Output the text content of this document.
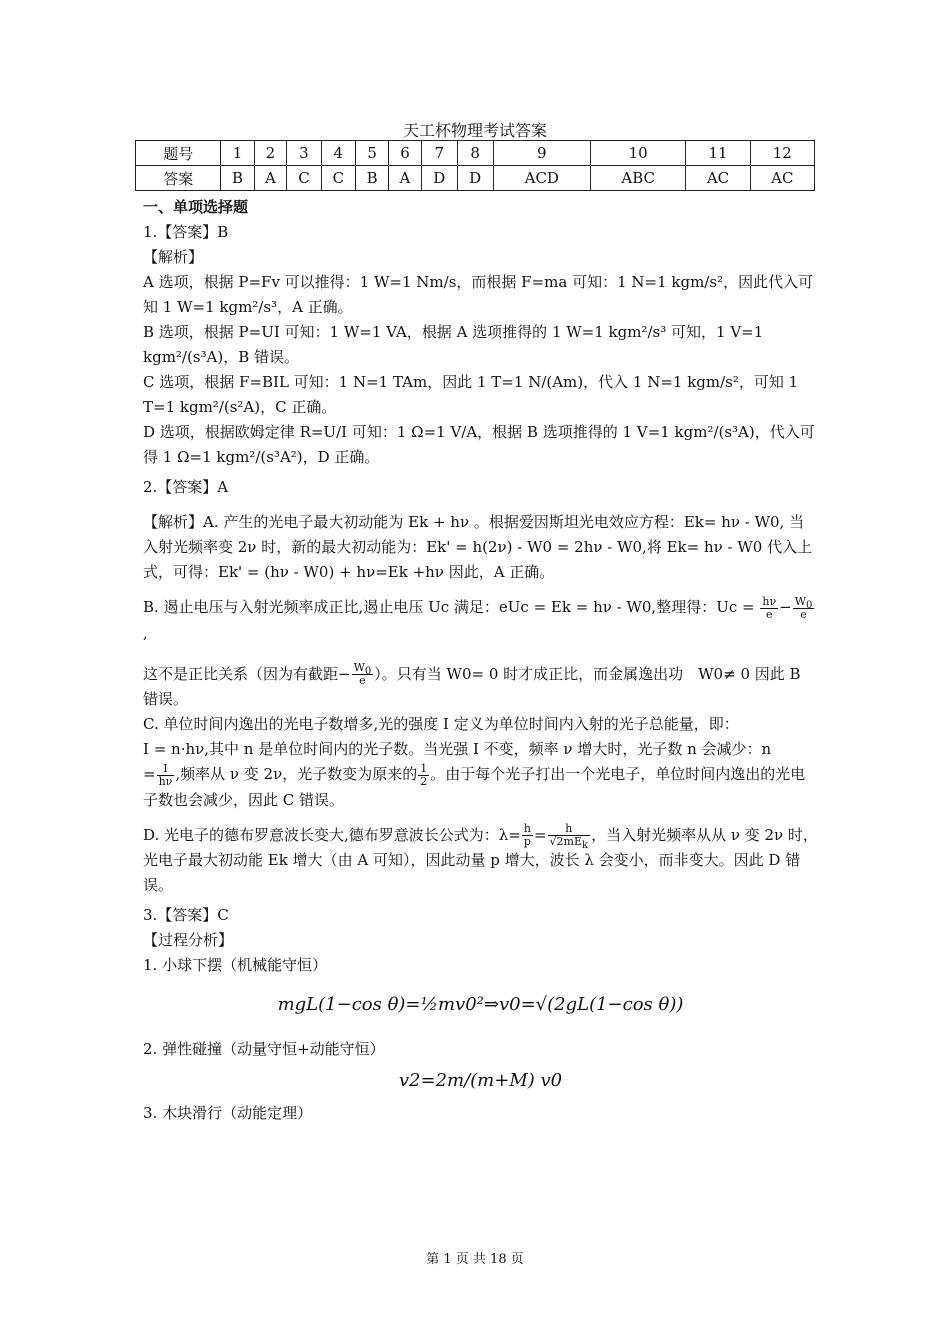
天工杯物理考试答案
题号	1	2	3	4	5	6	7	8	9	10	11	12
答案	B	A	C	C	B	A	D	D	ACD	ABC	AC	AC

一、单项选择题

1.【答案】B

【解析】

A 选项，根据 P=Fv 可以推得：1 W=1 Nm/s，而根据 F=ma 可知：1 N=1 kgm/s²，因此代入可知 1 W=1 kgm²/s³，A 正确。

B 选项，根据 P=UI 可知：1 W=1 VA，根据 A 选项推得的 1 W=1 kgm²/s³ 可知，1 V=1 kgm²/(s³A)，B 错误。

C 选项，根据 F=BIL 可知：1 N=1 TAm，因此 1 T=1 N/(Am)，代入 1 N=1 kgm/s²，可知 1 T=1 kgm²/(s²A)，C 正确。

D 选项，根据欧姆定律 R=U/I 可知：1 Ω=1 V/A，根据 B 选项推得的 1 V=1 kgm²/(s³A)，代入可得 1 Ω=1 kgm²/(s³A²)，D 正确。

2.【答案】A

【解析】A. 产生的光电子最大初动能为 Ek + hν 。根据爱因斯坦光电效应方程：Ek= hν - W0, 当入射光频率变 2ν 时，新的最大初动能为：Ek' = h(2ν) - W0 = 2hν - W0,将 Ek= hν - W0 代入上式，可得：Ek' = (hν - W0) + hν=Ek +hν 因此，A 正确。

B. 遏止电压与入射光频率成正比,遏止电压 Uc 满足：eUc = Ek = hν - W0,整理得：$Uc = \frac{h\nu}{e} - \frac{W_0}{e}$
,

这不是正比关系（因为有截距− $\frac{W_0}{e}$ ）。只有当 W0= 0 时才成正比，而金属逸出功　W0≠ 0 因此 B 错误。

C. 单位时间内逸出的光电子数增多,光的强度 I 定义为单位时间内入射的光子总能量，即：

I = n·hν,其中 n 是单位时间内的光子数。当光强 I 不变，频率 ν 增大时，光子数 n 会减少：n

= $\frac{I}{h\nu}$ ,频率从 ν 变 2ν，光子数变为原来的 $\frac{1}{2}$ 。由于每个光子打出一个光电子，单位时间内逸出的光电子数也会减少，因此 C 错误。

D. 光电子的德布罗意波长变大,德布罗意波长公式为：$\lambda= \frac{h}{p} = \frac{h}{√2mE_k}$ ，当入射光频率从从 ν 变 2ν 时，光电子最大初动能 Ek 增大（由 A 可知），因此动量 p 增大，波长 λ 会变小，而非变大。因此 D 错误。

3.【答案】C

【过程分析】

1. 小球下摆（机械能守恒）

mgL(1−cos θ)=½mv0²⇒v0=√(2gL(1−cos θ))

2. 弹性碰撞（动量守恒+动能守恒）

v2=2m/(m+M) v0

3. 木块滑行（动能定理）

第 1 页 共 18 页
